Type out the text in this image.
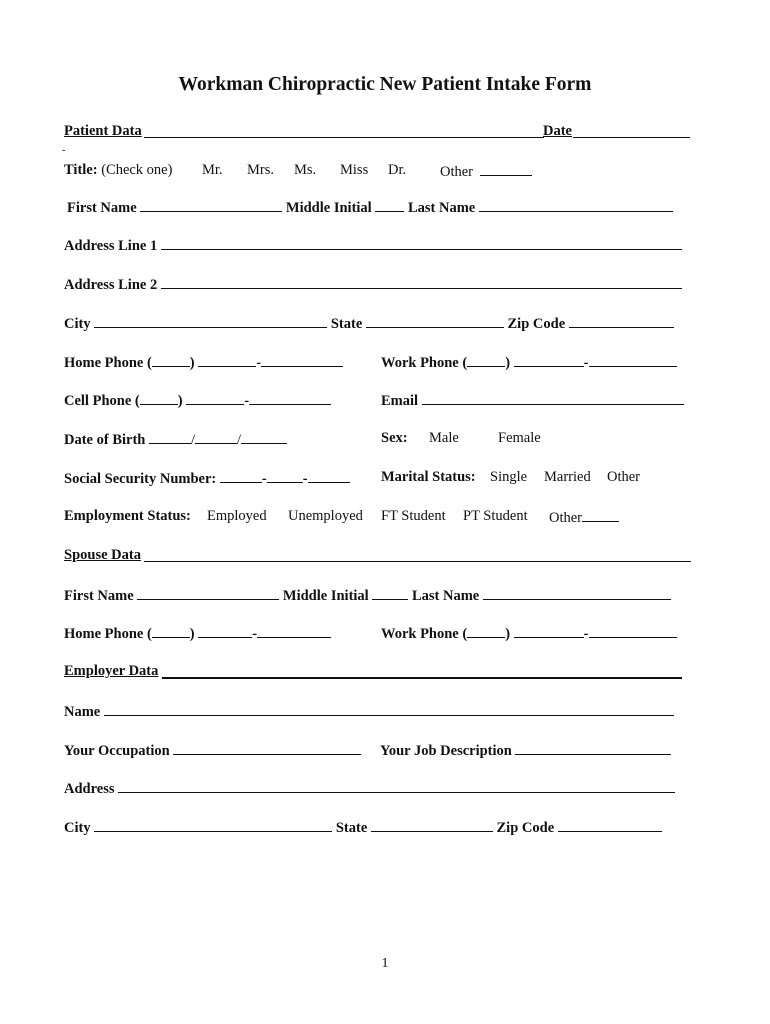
Workman Chiropractic New Patient Intake Form
Patient Data	Date
-
Title: (Check one) Mr. Mrs. Ms. Miss Dr. Other
First Name	Middle Initial	Last Name
Address Line 1
Address Line 2
City	State	Zip Code
Home Phone (	)	-	Work Phone (	)	-
Cell Phone (	)	-	Email
Date of Birth	/	/	Sex: Male	Female
Social Security Number:	- -	Marital Status: Single Married Other
Employment Status: Employed Unemployed FT Student PT Student Other
Spouse Data
First Name	Middle Initial	Last Name
Home Phone (	)	-	Work Phone (	)	-
Employer Data
Name
Your Occupation	Your Job Description
Address
City	State	Zip Code
1
